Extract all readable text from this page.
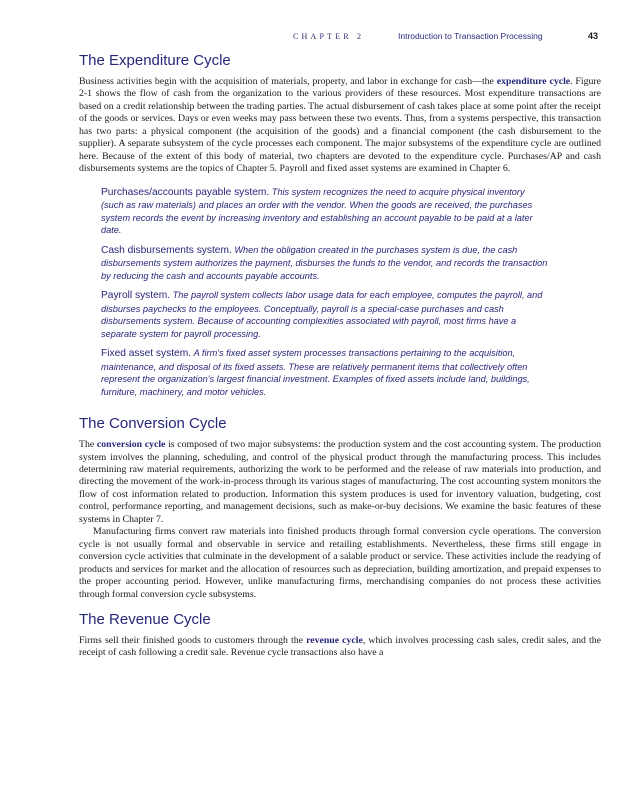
CHAPTER 2	Introduction to Transaction Processing	43
The Expenditure Cycle

Business activities begin with the acquisition of materials, property, and labor in exchange for cash—the expenditure cycle. Figure 2-1 shows the flow of cash from the organization to the various providers of these resources. Most expenditure transactions are based on a credit relationship between the trading parties. The actual disbursement of cash takes place at some point after the receipt of the goods or services. Days or even weeks may pass between these two events. Thus, from a systems perspective, this transaction has two parts: a physical component (the acquisition of the goods) and a financial component (the cash disbursement to the supplier). A separate subsystem of the cycle processes each component. The major subsystems of the expenditure cycle are outlined here. Because of the extent of this body of material, two chapters are devoted to the expenditure cycle. Purchases/AP and cash disbursements systems are the topics of Chapter 5. Payroll and fixed asset systems are examined in Chapter 6.

Purchases/accounts payable system. This system recognizes the need to acquire physical inventory (such as raw materials) and places an order with the vendor. When the goods are received, the purchases system records the event by increasing inventory and establishing an account payable to be paid at a later date.

Cash disbursements system. When the obligation created in the purchases system is due, the cash disbursements system authorizes the payment, disburses the funds to the vendor, and records the transaction by reducing the cash and accounts payable accounts.

Payroll system. The payroll system collects labor usage data for each employee, computes the payroll, and disburses paychecks to the employees. Conceptually, payroll is a special-case purchases and cash disbursements system. Because of accounting complexities associated with payroll, most firms have a separate system for payroll processing.

Fixed asset system. A firm's fixed asset system processes transactions pertaining to the acquisition, maintenance, and disposal of its fixed assets. These are relatively permanent items that collectively often represent the organization's largest financial investment. Examples of fixed assets include land, buildings, furniture, machinery, and motor vehicles.

The Conversion Cycle

The conversion cycle is composed of two major subsystems: the production system and the cost accounting system. The production system involves the planning, scheduling, and control of the physical product through the manufacturing process. This includes determining raw material requirements, authorizing the work to be performed and the release of raw materials into production, and directing the movement of the work-in-process through its various stages of manufacturing. The cost accounting system monitors the flow of cost information related to production. Information this system produces is used for inventory valuation, budgeting, cost control, performance reporting, and management decisions, such as make-or-buy decisions. We examine the basic features of these systems in Chapter 7.

Manufacturing firms convert raw materials into finished products through formal conversion cycle operations. The conversion cycle is not usually formal and observable in service and retailing establishments. Nevertheless, these firms still engage in conversion cycle activities that culminate in the development of a salable product or service. These activities include the readying of products and services for market and the allocation of resources such as depreciation, building amortization, and prepaid expenses to the proper accounting period. However, unlike manufacturing firms, merchandising companies do not process these activities through formal conversion cycle subsystems.

The Revenue Cycle

Firms sell their finished goods to customers through the revenue cycle, which involves processing cash sales, credit sales, and the receipt of cash following a credit sale. Revenue cycle transactions also have a
